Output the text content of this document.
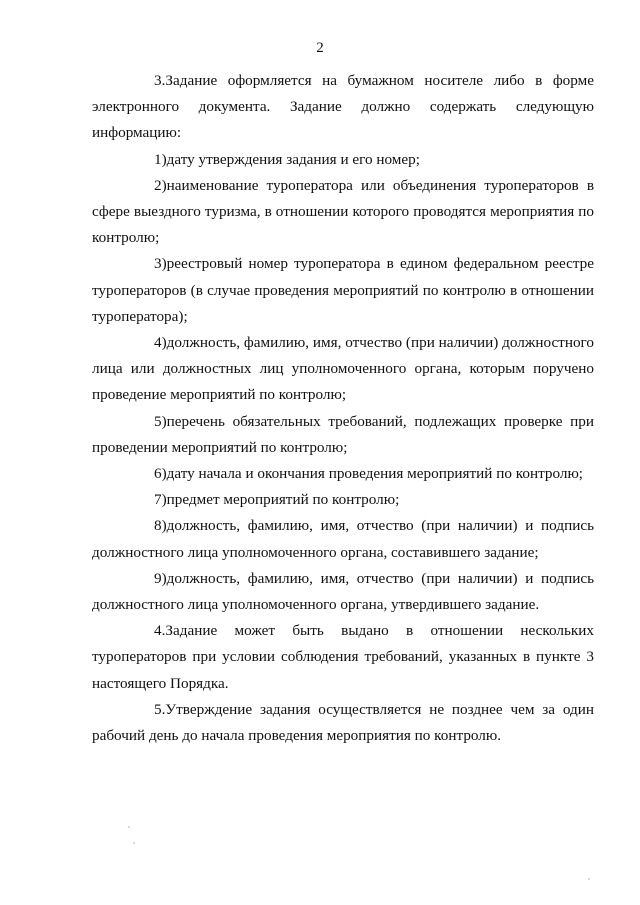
2

3.Задание оформляется на бумажном носителе либо в форме электронного документа. Задание должно содержать следующую информацию:

1)дату утверждения задания и его номер;

2)наименование туроператора или объединения туроператоров в сфере выездного туризма, в отношении которого проводятся мероприятия по контролю;

3)реестровый номер туроператора в едином федеральном реестре туроператоров (в случае проведения мероприятий по контролю в отношении туроператора);

4)должность, фамилию, имя, отчество (при наличии) должностного лица или должностных лиц уполномоченного органа, которым поручено проведение мероприятий по контролю;

5)перечень обязательных требований, подлежащих проверке при проведении мероприятий по контролю;

6)дату начала и окончания проведения мероприятий по контролю;

7)предмет мероприятий по контролю;

8)должность, фамилию, имя, отчество (при наличии) и подпись должностного лица уполномоченного органа, составившего задание;

9)должность, фамилию, имя, отчество (при наличии) и подпись должностного лица уполномоченного органа, утвердившего задание.

4.Задание может быть выдано в отношении нескольких туроператоров при условии соблюдения требований, указанных в пункте 3 настоящего Порядка.

5.Утверждение задания осуществляется не позднее чем за один рабочий день до начала проведения мероприятия по контролю.
